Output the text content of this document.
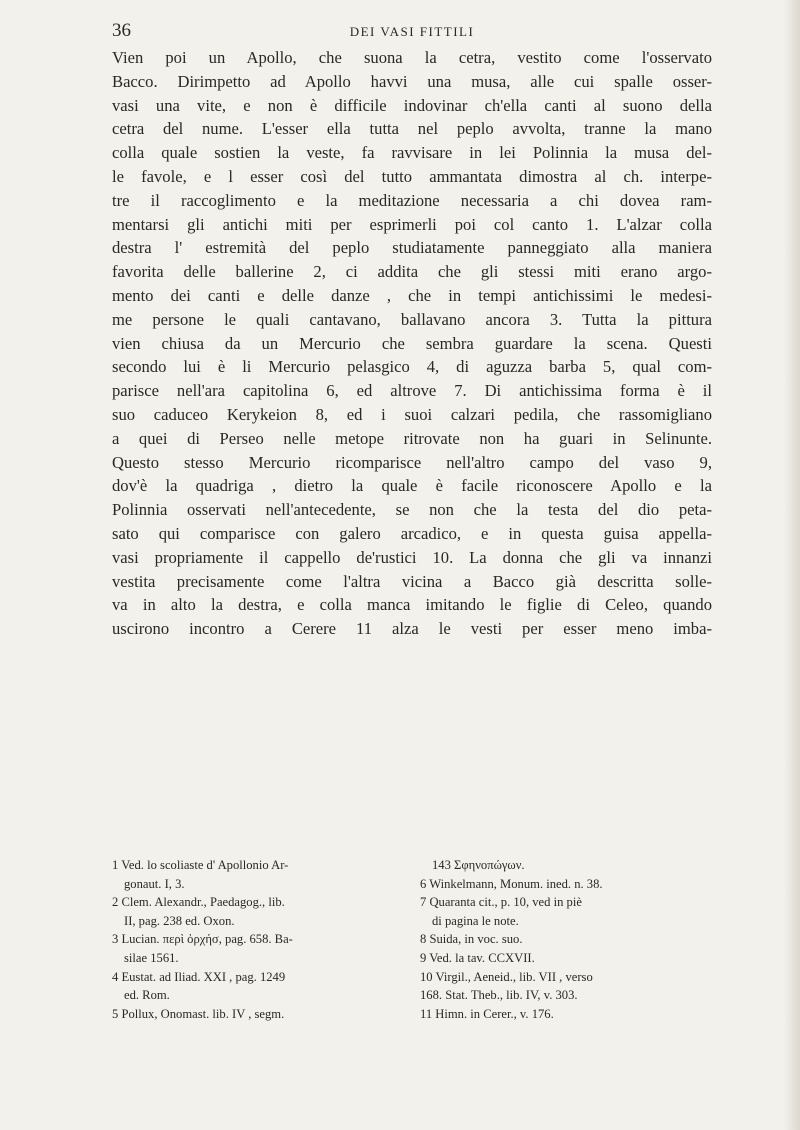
36	DEI VASI FITTILI
Vien poi un Apollo, che suona la cetra, vestito come l'osservato
Bacco. Dirimpetto ad Apollo havvi una musa, alle cui spalle osser-
vasi una vite, e non è difficile indovinar ch'ella canti al suono della
cetra del nume. L'esser ella tutta nel peplo avvolta, tranne la mano
colla quale sostien la veste, fa ravvisare in lei Polinnia la musa del-
le favole, e l esser così del tutto ammantata dimostra al ch. interpe-
tre il raccoglimento e la meditazione necessaria a chi dovea ram-
mentarsi gli antichi miti per esprimerli poi col canto 1. L'alzar colla
destra l' estremità del peplo studiatamente panneggiato alla maniera
favorita delle ballerine 2, ci addita che gli stessi miti erano argo-
mento dei canti e delle danze , che in tempi antichissimi le medesi-
me persone le quali cantavano, ballavano ancora 3. Tutta la pittura
vien chiusa da un Mercurio che sembra guardare la scena. Questi
secondo lui è li Mercurio pelasgico 4, di aguzza barba 5, qual com-
parisce nell'ara capitolina 6, ed altrove 7. Di antichissima forma è il
suo caduceo Kerykeion 8, ed i suoi calzari pedila, che rassomigliano
a quei di Perseo nelle metope ritrovate non ha guari in Selinunte.
Questo stesso Mercurio ricomparisce nell'altro campo del vaso 9,
dov'è la quadriga , dietro la quale è facile riconoscere Apollo e la
Polinnia osservati nell'antecedente, se non che la testa del dio peta-
sato qui comparisce con galero arcadico, e in questa guisa appella-
vasi propriamente il cappello de'rustici 10. La donna che gli va innanzi
vestita precisamente come l'altra vicina a Bacco già descritta solle-
va in alto la destra, e colla manca imitando le figlie di Celeo, quando
uscirono incontro a Cerere 11 alza le vesti per esser meno imba-
1 Ved. lo scoliaste d' Apollonio Ar-
gonaut. I, 3.
2 Clem. Alexandr., Paedagog., lib.
II, pag. 238 ed. Oxon.
3 Lucian. περὶ ὀρχήσ, pag. 658. Ba-
silae 1561.
4 Eustat. ad Iliad. XXI , pag. 1249
ed. Rom.
5 Pollux, Onomast. lib. IV , segm.
143 Σφηνοπώγων.
6 Winkelmann, Monum. ined. n. 38.
7 Quaranta cit., p. 10, ved in piè
di pagina le note.
8 Suida, in voc. suo.
9 Ved. la tav. CCXVII.
10 Virgil., Aeneid., lib. VII , verso
168. Stat. Theb., lib. IV, v. 303.
11 Himn. in Cerer., v. 176.
